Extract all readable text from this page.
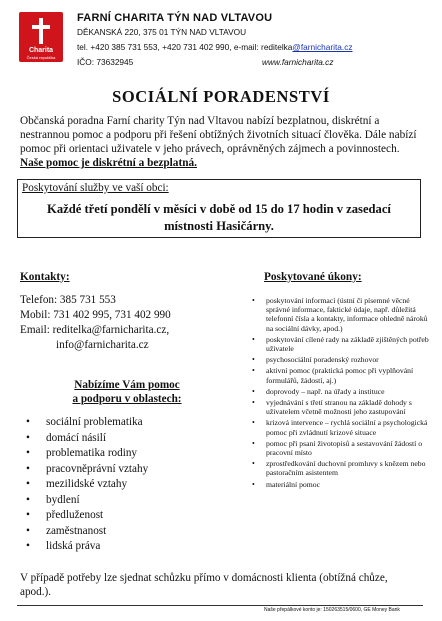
Charita
Česká republika
FARNÍ CHARITA TÝN NAD VLTAVOU
DĚKANSKÁ 220, 375 01 TÝN NAD VLTAVOU
tel. +420 385 731 553, +420 731 402 990, e-mail: reditelka@farnicharita.cz
IČO: 73632945	www.farnicharita.cz
SOCIÁLNÍ PORADENSTVÍ
Občanská poradna Farní charity Týn nad Vltavou nabízí bezplatnou, diskrétní a nestrannou pomoc a podporu při řešení obtížných životních situací člověka. Dále nabízí pomoc při orientaci uživatele v jeho právech, oprávněných zájmech a povinnostech. Naše pomoc je diskrétní a bezplatná.
Poskytování služby ve vaší obci:
Každé třetí pondělí v měsíci v době od 15 do 17 hodin v zasedací
místnosti Hasičárny.
Kontakty:
Telefon: 385 731 553
Mobil: 731 402 995, 731 402 990
Email: reditelka@farnicharita.cz,
info@farnicharita.cz
Nabízíme Vám pomoc
a podporu v oblastech:
• sociální problematika
• domácí násilí
• problematika rodiny
• pracovněprávní vztahy
• mezilidské vztahy
• bydlení
• předluženost
• zaměstnanost
• lidská práva
Poskytované úkony:
• poskytování informací (ústní či písemné věcné správné informace, faktické údaje, např. důležitá telefonní čísla a kontakty, informace ohledně nároků na sociální dávky, apod.)
• poskytování cílené rady na základě zjištěných potřeb uživatele
• psychosociální poradenský rozhovor
• aktivní pomoc (praktická pomoc při vyplňování formulářů, žádostí, aj.)
• doprovody – např. na úřady a instituce
• vyjednávání s třetí stranou na základě dohody s uživatelem včetně možnosti jeho zastupování
• krizová intervence – rychlá sociální a psychologická pomoc při zvládnutí krizové situace
• pomoc při psaní životopisů a sestavování žádostí o pracovní místo
• zprostředkování duchovní promluvy s knězem nebo pastoračním asistentem
• materiální pomoc
V případě potřeby lze sjednat schůzku přímo v domácnosti klienta (obtížná chůze, apod.).
Naše přepálkové konto je: 150263515/0600, GE Money Bank
